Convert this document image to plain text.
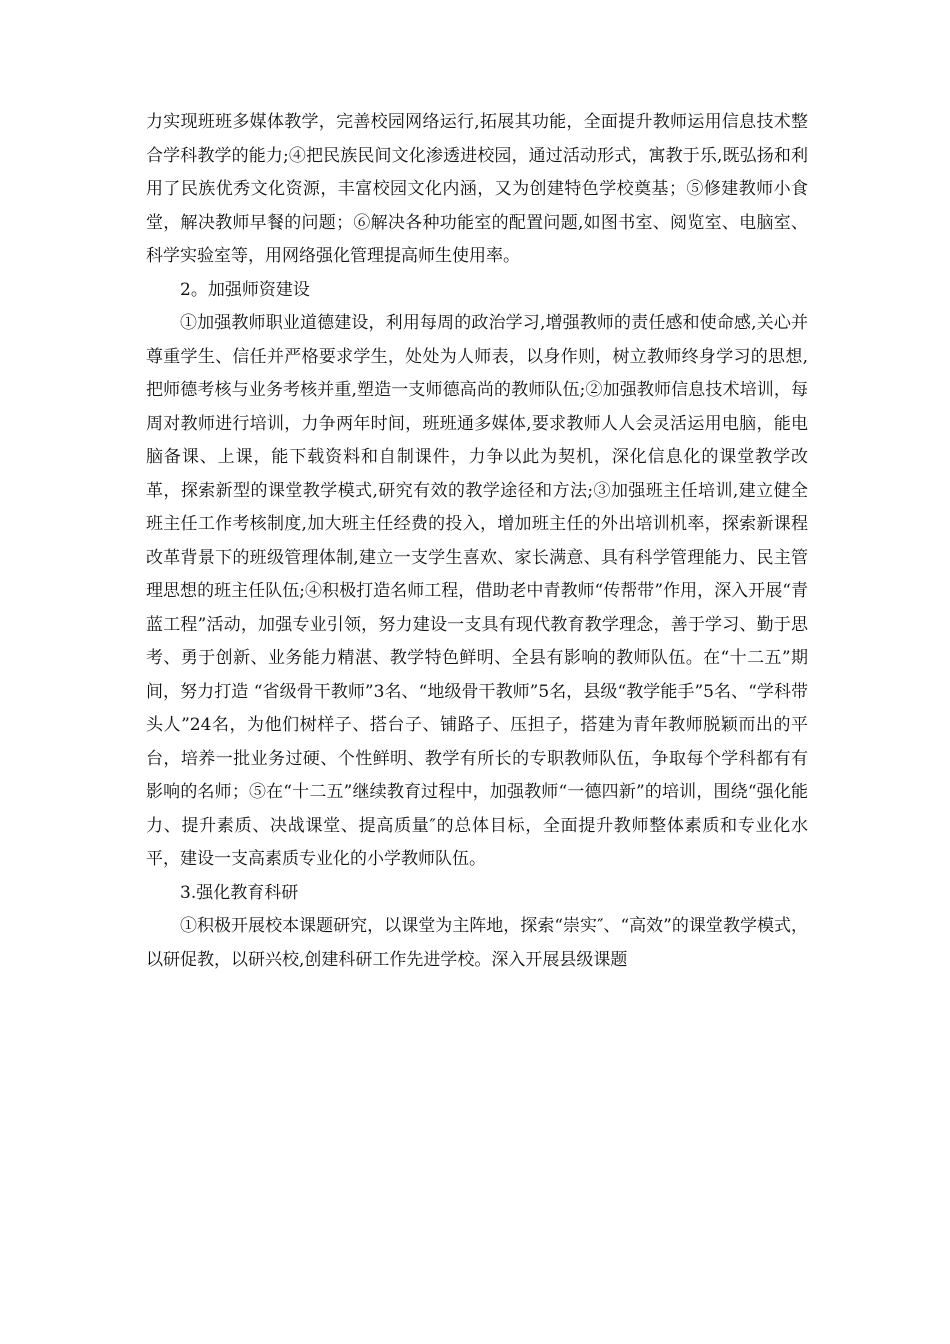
力实现班班多媒体教学，完善校园网络运行,拓展其功能，全面提升教师运用信息技术整合学科教学的能力;④把民族民间文化渗透进校园，通过活动形式，寓教于乐,既弘扬和利用了民族优秀文化资源，丰富校园文化内涵，又为创建特色学校奠基；⑤修建教师小食堂，解决教师早餐的问题；⑥解决各种功能室的配置问题,如图书室、阅览室、电脑室、科学实验室等，用网络强化管理提高师生使用率。

2。加强师资建设

①加强教师职业道德建设，利用每周的政治学习,增强教师的责任感和使命感,关心并尊重学生、信任并严格要求学生，处处为人师表，以身作则，树立教师终身学习的思想,把师德考核与业务考核并重,塑造一支师德高尚的教师队伍;②加强教师信息技术培训，每周对教师进行培训，力争两年时间，班班通多媒体,要求教师人人会灵活运用电脑，能电脑备课、上课，能下载资料和自制课件，力争以此为契机，深化信息化的课堂教学改革，探索新型的课堂教学模式,研究有效的教学途径和方法;③加强班主任培训,建立健全班主任工作考核制度,加大班主任经费的投入，增加班主任的外出培训机率，探索新课程改革背景下的班级管理体制,建立一支学生喜欢、家长满意、具有科学管理能力、民主管理思想的班主任队伍;④积极打造名师工程，借助老中青教师“传帮带”作用，深入开展“青蓝工程”活动，加强专业引领，努力建设一支具有现代教育教学理念，善于学习、勤于思考、勇于创新、业务能力精湛、教学特色鲜明、全县有影响的教师队伍。在“十二五”期间，努力打造 “省级骨干教师”3名、“地级骨干教师”5名，县级“教学能手”5名、“学科带头人”24名，为他们树样子、搭台子、铺路子、压担子，搭建为青年教师脱颖而出的平台，培养一批业务过硬、个性鲜明、教学有所长的专职教师队伍，争取每个学科都有有影响的名师；⑤在“十二五”继续教育过程中，加强教师“一德四新”的培训，围绕“强化能力、提升素质、决战课堂、提高质量″的总体目标，全面提升教师整体素质和专业化水平，建设一支高素质专业化的小学教师队伍。

3.强化教育科研

①积极开展校本课题研究，以课堂为主阵地，探索“崇实″、“高效”的课堂教学模式，以研促教，以研兴校,创建科研工作先进学校。深入开展县级课题
